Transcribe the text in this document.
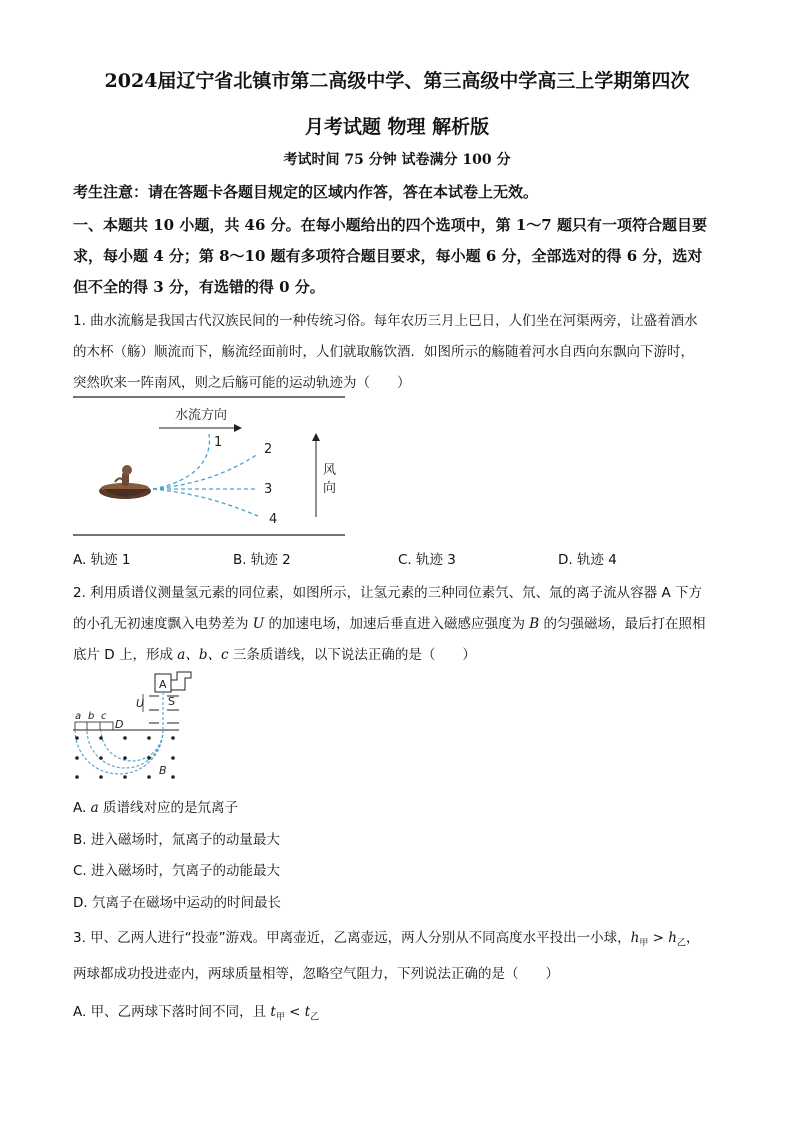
2024届辽宁省北镇市第二高级中学、第三高级中学高三上学期第四次
月考试题 物理 解析版
考试时间 75 分钟 试卷满分 100 分
考生注意：请在答题卡各题目规定的区域内作答，答在本试卷上无效。
一、本题共 10 小题，共 46 分。在每小题给出的四个选项中，第 1～7 题只有一项符合题目要
求，每小题 4 分；第 8～10 题有多项符合题目要求，每小题 6 分，全部选对的得 6 分，选对
但不全的得 3 分，有选错的得 0 分。
1. 曲水流觞是我国古代汉族民间的一种传统习俗。每年农历三月上巳日，人们坐在河渠两旁，让盛着酒水
的木杯（觞）顺流而下，觞流经面前时，人们就取觞饮酒．如图所示的觞随着河水自西向东飘向下游时，
突然吹来一阵南风，则之后觞可能的运动轨迹为（　　）
水流方向
风
向
1	2
3
4
A. 轨迹 1	B. 轨迹 2	C. 轨迹 3	D. 轨迹 4
2. 利用质谱仪测量氢元素的同位素，如图所示，让氢元素的三种同位素氕、氘、氚的离子流从容器 A 下方
的小孔无初速度飘入电势差为 U 的加速电场，加速后垂直进入磁感应强度为 B 的匀强磁场，最后打在照相
底片 D 上，形成 a、b、c 三条质谱线，以下说法正确的是（　　）
A
U S
a b c
D
B
A. a 质谱线对应的是氘离子
B. 进入磁场时，氚离子的动量最大
C. 进入磁场时，氕离子的动能最大
D. 氕离子在磁场中运动的时间最长
3. 甲、乙两人进行“投壶”游戏。甲离壶近，乙离壶远，两人分别从不同高度水平投出一小球，$h_甲 > h_乙$，
两球都成功投进壶内，两球质量相等，忽略空气阻力，下列说法正确的是（　　）
A. 甲、乙两球下落时间不同，且 $t_甲 < t_乙$
